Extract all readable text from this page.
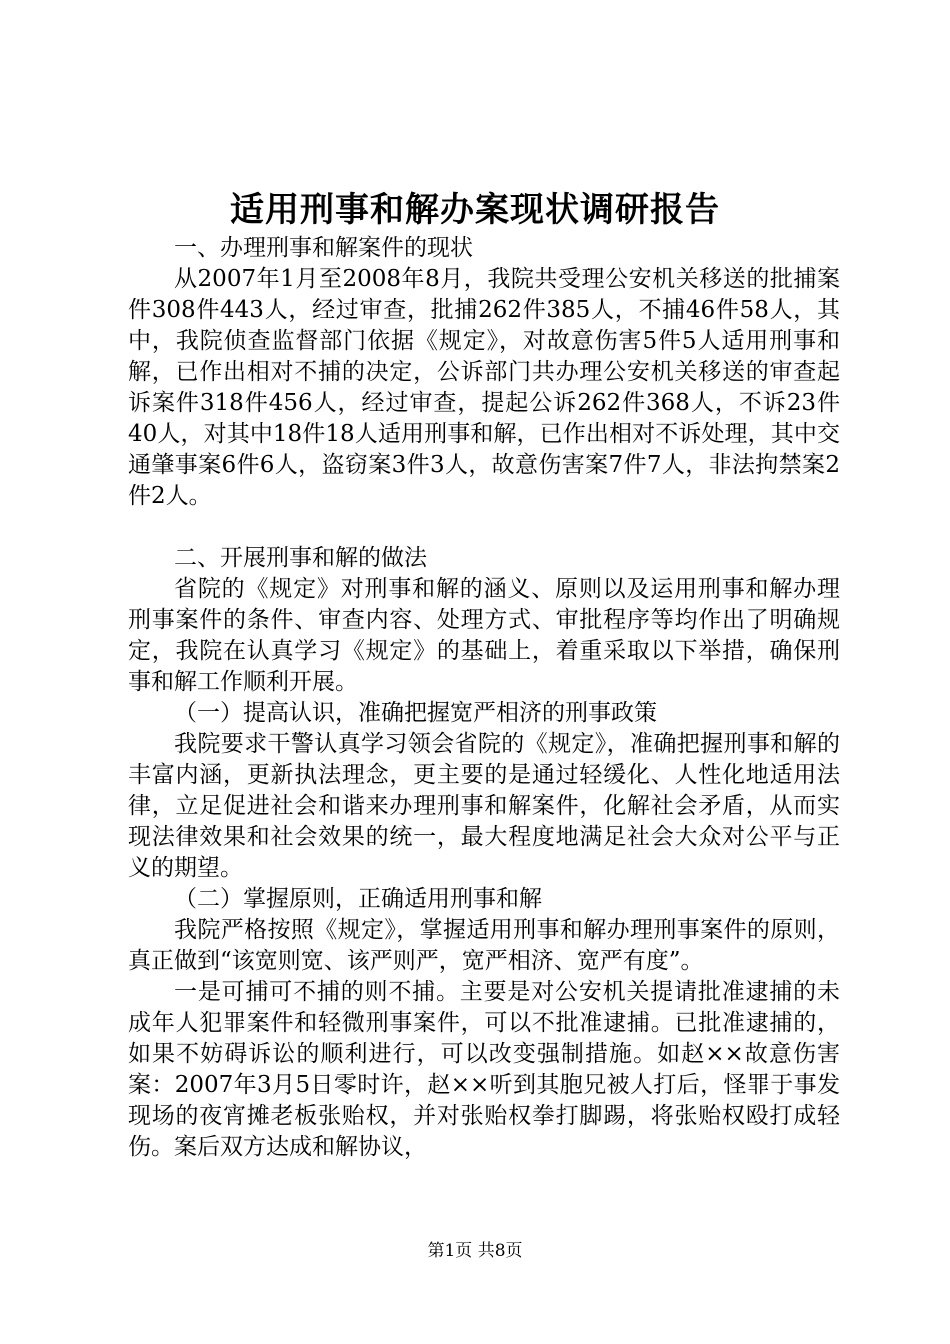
适用刑事和解办案现状调研报告

一、办理刑事和解案件的现状

从2007年1月至2008年8月，我院共受理公安机关移送的批捕案件308件443人，经过审查，批捕262件385人，不捕46件58人，其中，我院侦查监督部门依据《规定》，对故意伤害5件5人适用刑事和解，已作出相对不捕的决定，公诉部门共办理公安机关移送的审查起诉案件318件456人，经过审查，提起公诉262件368人，不诉23件40人，对其中18件18人适用刑事和解，已作出相对不诉处理，其中交通肇事案6件6人，盗窃案3件3人，故意伤害案7件7人，非法拘禁案2件2人。

二、开展刑事和解的做法

省院的《规定》对刑事和解的涵义、原则以及运用刑事和解办理刑事案件的条件、审查内容、处理方式、审批程序等均作出了明确规定，我院在认真学习《规定》的基础上，着重采取以下举措，确保刑事和解工作顺利开展。

（一）提高认识，准确把握宽严相济的刑事政策

我院要求干警认真学习领会省院的《规定》，准确把握刑事和解的丰富内涵，更新执法理念，更主要的是通过轻缓化、人性化地适用法律，立足促进社会和谐来办理刑事和解案件，化解社会矛盾，从而实现法律效果和社会效果的统一，最大程度地满足社会大众对公平与正义的期望。

（二）掌握原则，正确适用刑事和解

我院严格按照《规定》，掌握适用刑事和解办理刑事案件的原则，真正做到“该宽则宽、该严则严，宽严相济、宽严有度”。

一是可捕可不捕的则不捕。主要是对公安机关提请批准逮捕的未成年人犯罪案件和轻微刑事案件，可以不批准逮捕。已批准逮捕的，如果不妨碍诉讼的顺利进行，可以改变强制措施。如赵××故意伤害案：2007年3月5日零时许，赵××听到其胞兄被人打后，怪罪于事发现场的夜宵摊老板张贻权，并对张贻权拳打脚踢，将张贻权殴打成轻伤。案后双方达成和解协议，

第1页 共8页
